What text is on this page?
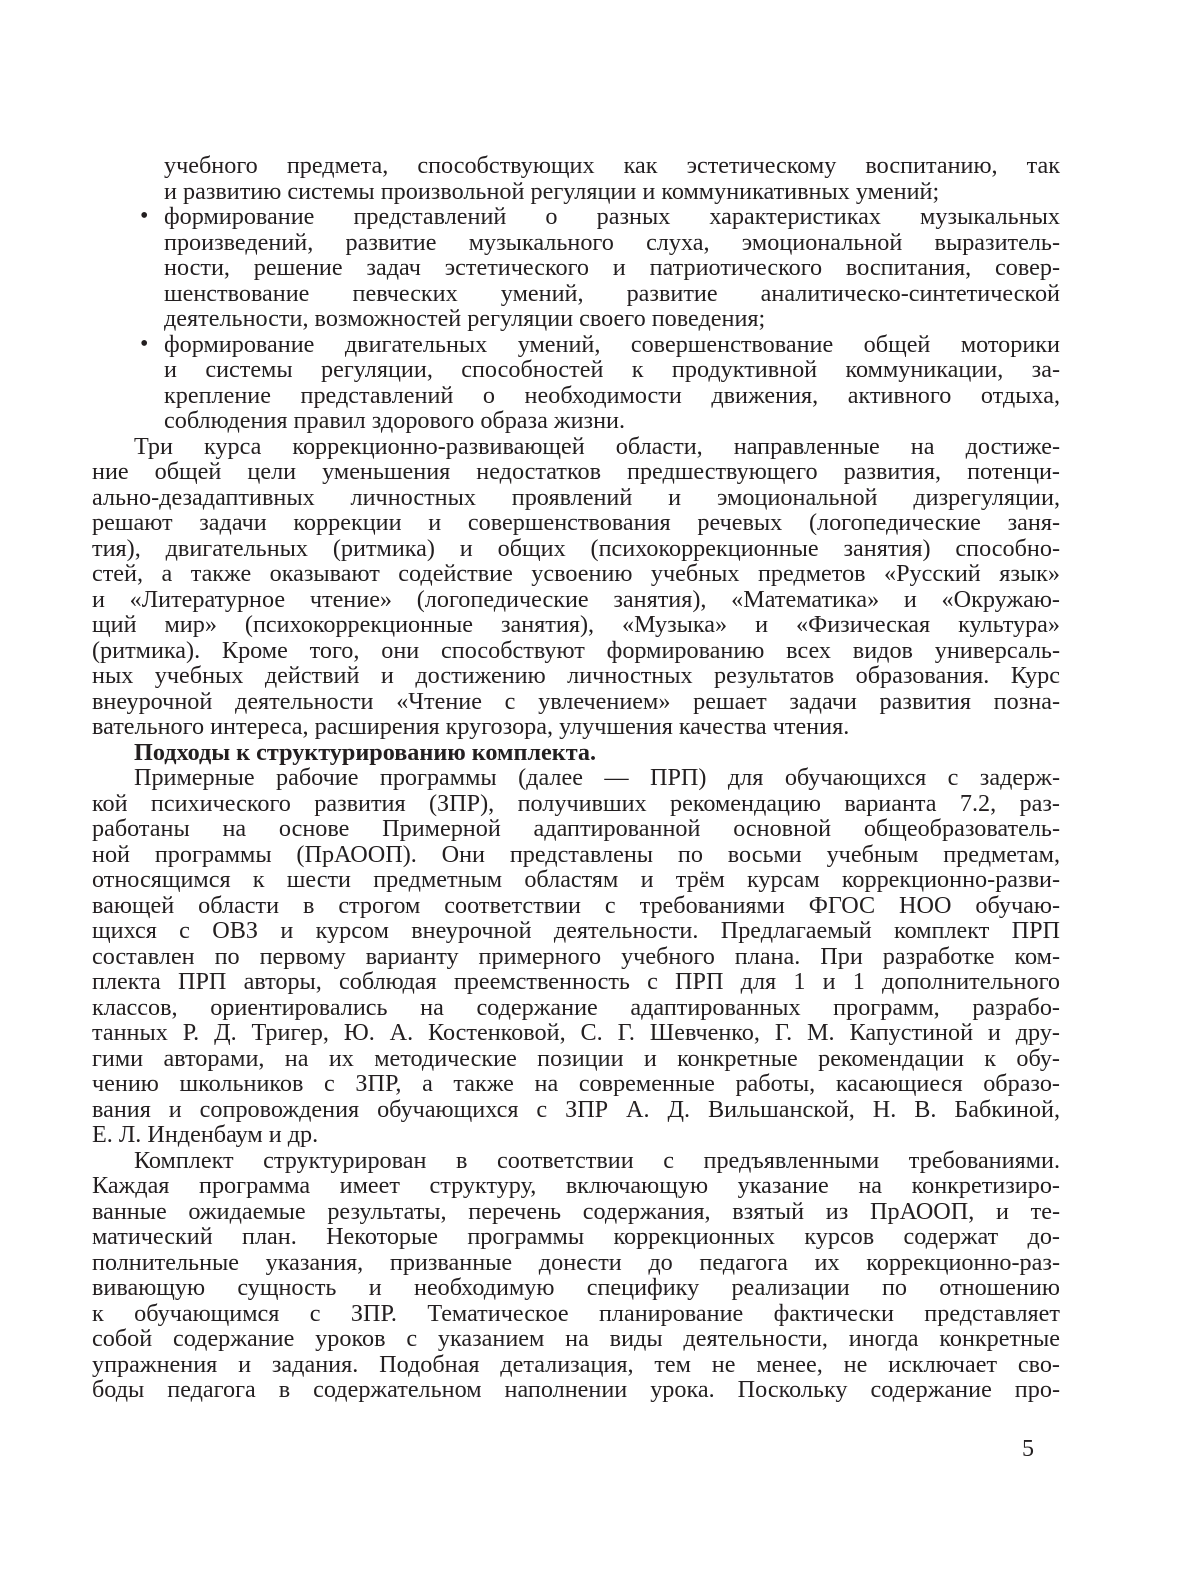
учебного предмета, способствующих как эстетическому воспитанию, так
и развитию системы произвольной регуляции и коммуникативных умений;
• формирование представлений о разных характеристиках музыкальных
произведений, развитие музыкального слуха, эмоциональной выразитель-
ности, решение задач эстетического и патриотического воспитания, совер-
шенствование певческих умений, развитие аналитическо-синтетической
деятельности, возможностей регуляции своего поведения;
• формирование двигательных умений, совершенствование общей моторики
и системы регуляции, способностей к продуктивной коммуникации, за-
крепление представлений о необходимости движения, активного отдыха,
соблюдения правил здорового образа жизни.
Три курса коррекционно-развивающей области, направленные на достиже-
ние общей цели уменьшения недостатков предшествующего развития, потенци-
ально-дезадаптивных личностных проявлений и эмоциональной дизрегуляции,
решают задачи коррекции и совершенствования речевых (логопедические заня-
тия), двигательных (ритмика) и общих (психокоррекционные занятия) способно-
стей, а также оказывают содействие усвоению учебных предметов «Русский язык»
и «Литературное чтение» (логопедические занятия), «Математика» и «Окружаю-
щий мир» (психокоррекционные занятия), «Музыка» и «Физическая культура»
(ритмика). Кроме того, они способствуют формированию всех видов универсаль-
ных учебных действий и достижению личностных результатов образования. Курс
внеурочной деятельности «Чтение с увлечением» решает задачи развития позна-
вательного интереса, расширения кругозора, улучшения качества чтения.
Подходы к структурированию комплекта.
Примерные рабочие программы (далее — ПРП) для обучающихся с задерж-
кой психического развития (ЗПР), получивших рекомендацию варианта 7.2, раз-
работаны на основе Примерной адаптированной основной общеобразователь-
ной программы (ПрАООП). Они представлены по восьми учебным предметам,
относящимся к шести предметным областям и трём курсам коррекционно-разви-
вающей области в строгом соответствии с требованиями ФГОС НОО обучаю-
щихся с ОВЗ и курсом внеурочной деятельности. Предлагаемый комплект ПРП
составлен по первому варианту примерного учебного плана. При разработке ком-
плекта ПРП авторы, соблюдая преемственность с ПРП для 1 и 1 дополнительного
классов, ориентировались на содержание адаптированных программ, разрабо-
танных Р. Д. Тригер, Ю. А. Костенковой, С. Г. Шевченко, Г. М. Капустиной и дру-
гими авторами, на их методические позиции и конкретные рекомендации к обу-
чению школьников с ЗПР, а также на современные работы, касающиеся образо-
вания и сопровождения обучающихся с ЗПР А. Д. Вильшанской, Н. В. Бабкиной,
Е. Л. Инденбаум и др.
Комплект структурирован в соответствии с предъявленными требованиями.
Каждая программа имеет структуру, включающую указание на конкретизиро-
ванные ожидаемые результаты, перечень содержания, взятый из ПрАООП, и те-
матический план. Некоторые программы коррекционных курсов содержат до-
полнительные указания, призванные донести до педагога их коррекционно-раз-
вивающую сущность и необходимую специфику реализации по отношению
к обучающимся с ЗПР. Тематическое планирование фактически представляет
собой содержание уроков с указанием на виды деятельности, иногда конкретные
упражнения и задания. Подобная детализация, тем не менее, не исключает сво-
боды педагога в содержательном наполнении урока. Поскольку содержание про-
5
